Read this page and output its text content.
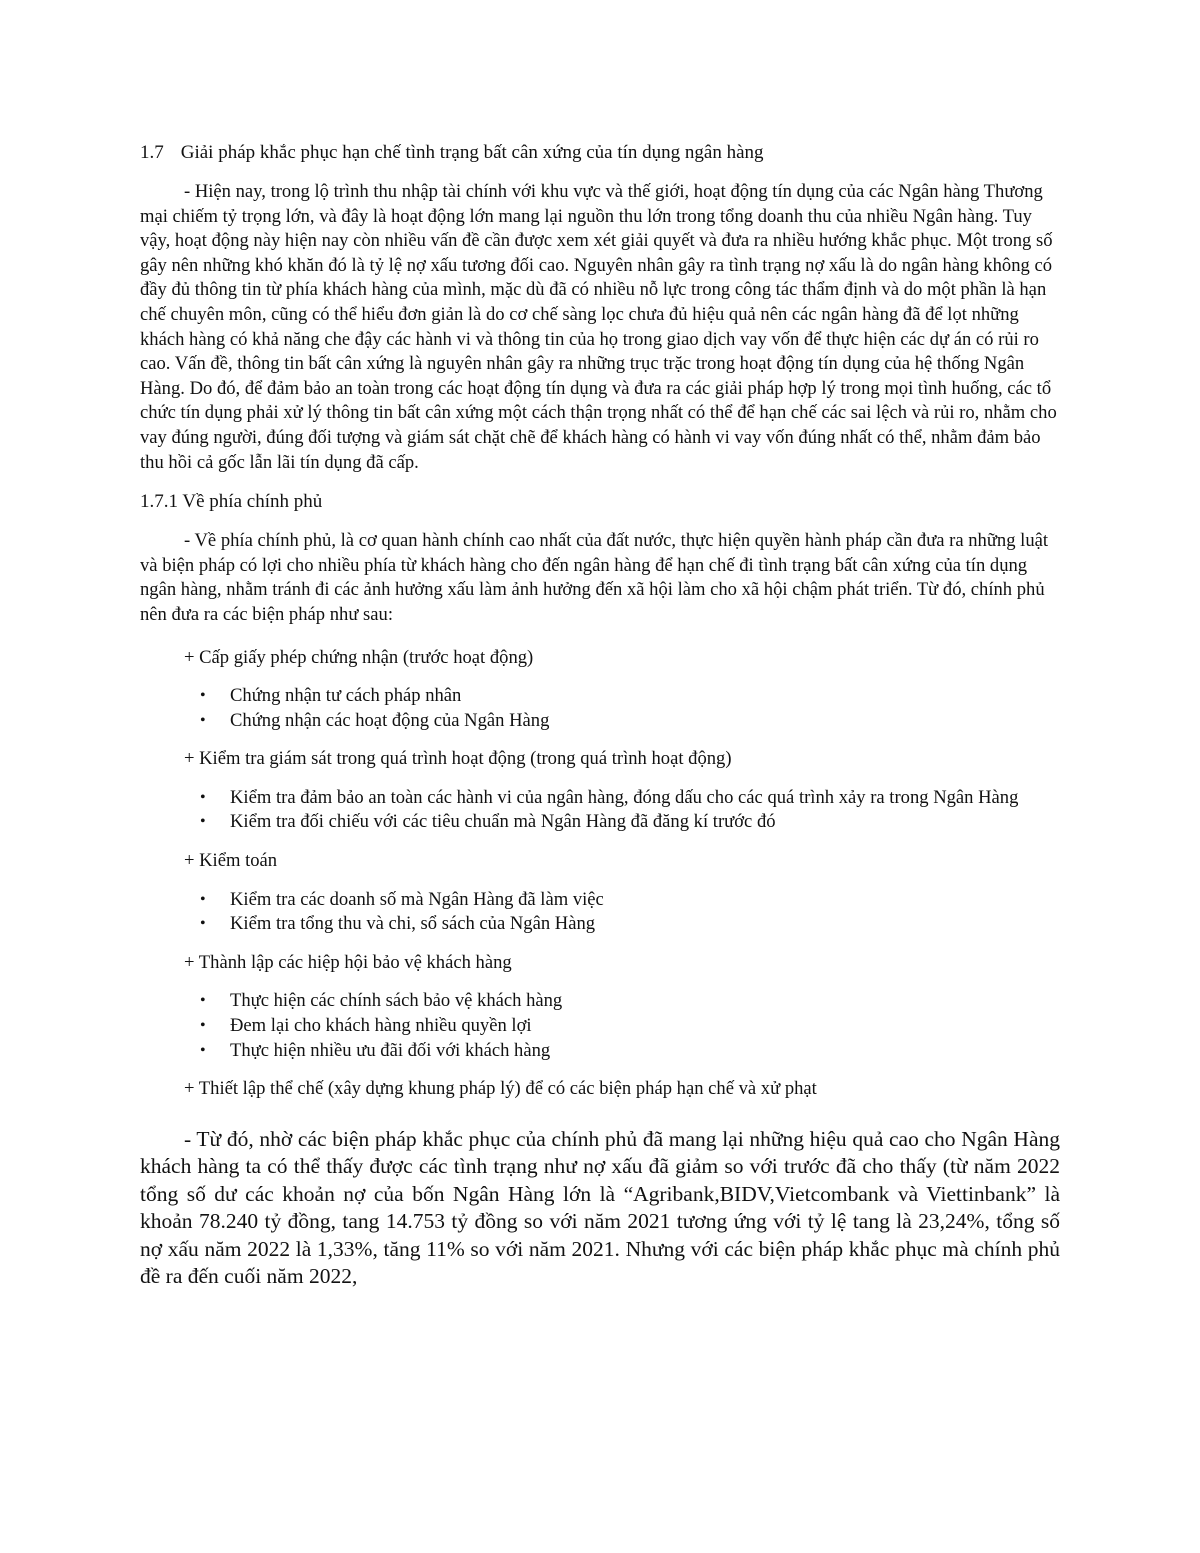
1.7 Giải pháp khắc phục hạn chế tình trạng bất cân xứng của tín dụng ngân hàng

- Hiện nay, trong lộ trình thu nhập tài chính với khu vực và thế giới, hoạt động tín dụng của các Ngân hàng Thương mại chiếm tỷ trọng lớn, và đây là hoạt động lớn mang lại nguồn thu lớn trong tổng doanh thu của nhiều Ngân hàng. Tuy vậy, hoạt động này hiện nay còn nhiều vấn đề cần được xem xét giải quyết và đưa ra nhiều hướng khắc phục. Một trong số gây nên những khó khăn đó là tỷ lệ nợ xấu tương đối cao. Nguyên nhân gây ra tình trạng nợ xấu là do ngân hàng không có đầy đủ thông tin từ phía khách hàng của mình, mặc dù đã có nhiều nỗ lực trong công tác thẩm định và do một phần là hạn chế chuyên môn, cũng có thể hiểu đơn giản là do cơ chế sàng lọc chưa đủ hiệu quả nên các ngân hàng đã để lọt những khách hàng có khả năng che đậy các hành vi và thông tin của họ trong giao dịch vay vốn để thực hiện các dự án có rủi ro cao. Vấn đề, thông tin bất cân xứng là nguyên nhân gây ra những trục trặc trong hoạt động tín dụng của hệ thống Ngân Hàng. Do đó, để đảm bảo an toàn trong các hoạt động tín dụng và đưa ra các giải pháp hợp lý trong mọi tình huống, các tổ chức tín dụng phải xử lý thông tin bất cân xứng một cách thận trọng nhất có thể để hạn chế các sai lệch và rủi ro, nhằm cho vay đúng người, đúng đối tượng và giám sát chặt chẽ để khách hàng có hành vi vay vốn đúng nhất có thể, nhằm đảm bảo thu hồi cả gốc lẫn lãi tín dụng đã cấp.

1.7.1 Về phía chính phủ

- Về phía chính phủ, là cơ quan hành chính cao nhất của đất nước, thực hiện quyền hành pháp cần đưa ra những luật và biện pháp có lợi cho nhiều phía từ khách hàng cho đến ngân hàng để hạn chế đi tình trạng bất cân xứng của tín dụng ngân hàng, nhằm tránh đi các ảnh hưởng xấu làm ảnh hưởng đến xã hội làm cho xã hội chậm phát triển. Từ đó, chính phủ nên đưa ra các biện pháp như sau:

+ Cấp giấy phép chứng nhận (trước hoạt động)

• Chứng nhận tư cách pháp nhân
• Chứng nhận các hoạt động của Ngân Hàng

+ Kiểm tra giám sát trong quá trình hoạt động (trong quá trình hoạt động)

• Kiểm tra đảm bảo an toàn các hành vi của ngân hàng, đóng dấu cho các quá trình xảy ra trong Ngân Hàng
• Kiểm tra đối chiếu với các tiêu chuẩn mà Ngân Hàng đã đăng kí trước đó

+ Kiểm toán

• Kiểm tra các doanh số mà Ngân Hàng đã làm việc
• Kiểm tra tổng thu và chi, sổ sách của Ngân Hàng

+ Thành lập các hiệp hội bảo vệ khách hàng

• Thực hiện các chính sách bảo vệ khách hàng
• Đem lại cho khách hàng nhiều quyền lợi
• Thực hiện nhiều ưu đãi đối với khách hàng

+ Thiết lập thể chế (xây dựng khung pháp lý) để có các biện pháp hạn chế và xử phạt

- Từ đó, nhờ các biện pháp khắc phục của chính phủ đã mang lại những hiệu quả cao cho Ngân Hàng khách hàng ta có thể thấy được các tình trạng như nợ xấu đã giảm so với trước đã cho thấy (từ năm 2022 tổng số dư các khoản nợ của bốn Ngân Hàng lớn là “Agribank,BIDV,Vietcombank và Viettinbank” là khoản 78.240 tỷ đồng, tang 14.753 tỷ đồng so với năm 2021 tương ứng với tỷ lệ tang là 23,24%, tổng số nợ xấu năm 2022 là 1,33%, tăng 11% so với năm 2021. Nhưng với các biện pháp khắc phục mà chính phủ đề ra đến cuối năm 2022,
